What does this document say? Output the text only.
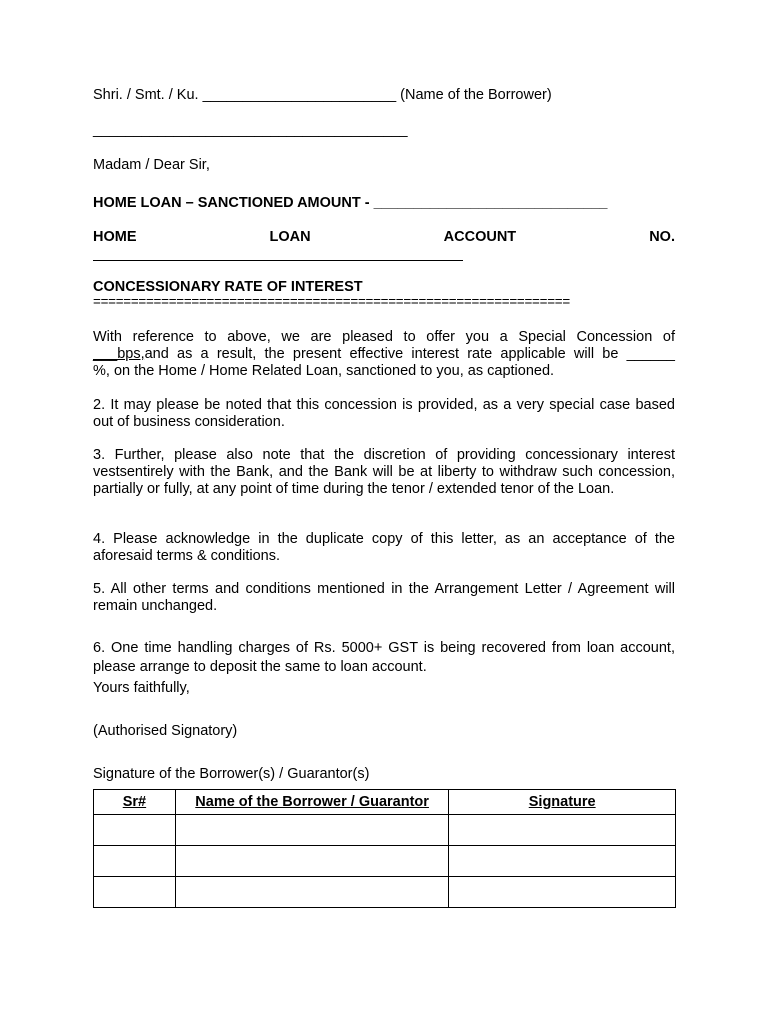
Shri. / Smt. / Ku. ________________________ (Name of the Borrower)
_______________________________________
Madam / Dear Sir,
HOME LOAN – SANCTIONED AMOUNT - _____________________________
HOME	LOAN	ACCOUNT	NO.
CONCESSIONARY RATE OF INTEREST
===============================================================
With reference to above, we are pleased to offer you a Special Concession of
___bps,and as a result, the present effective interest rate applicable will be ______
%, on the Home / Home Related Loan, sanctioned to you, as captioned.
2. It may please be noted that this concession is provided, as a very special case based out of business consideration.
3. Further, please also note that the discretion of providing concessionary interest vestsentirely with the Bank, and the Bank will be at liberty to withdraw such concession, partially or fully, at any point of time during the tenor / extended tenor of the Loan.
4. Please acknowledge in the duplicate copy of this letter, as an acceptance of the aforesaid terms & conditions.
5. All other terms and conditions mentioned in the Arrangement Letter / Agreement will remain unchanged.
6. One time handling charges of Rs. 5000+ GST is being recovered from loan account, please arrange to deposit the same to loan account.
Yours faithfully,
(Authorised Signatory)
Signature of the Borrower(s) / Guarantor(s)
Sr#	Name of the Borrower / Guarantor	Signature
